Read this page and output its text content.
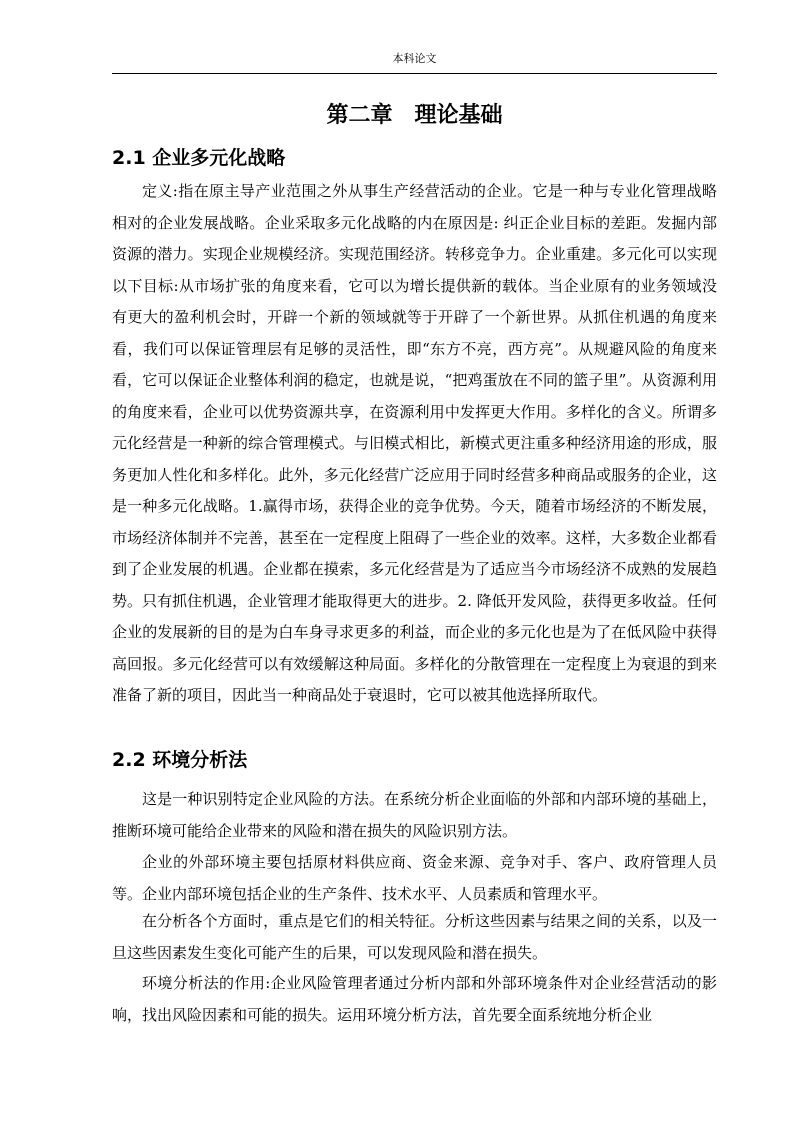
本科论文
第二章　理论基础
2.1 企业多元化战略

定义:指在原主导产业范围之外从事生产经营活动的企业。它是一种与专业化管理战略相对的企业发展战略。企业采取多元化战略的内在原因是: 纠正企业目标的差距。发掘内部资源的潜力。实现企业规模经济。实现范围经济。转移竞争力。企业重建。多元化可以实现以下目标:从市场扩张的角度来看，它可以为增长提供新的载体。当企业原有的业务领域没有更大的盈利机会时，开辟一个新的领域就等于开辟了一个新世界。从抓住机遇的角度来看，我们可以保证管理层有足够的灵活性，即“东方不亮，西方亮”。从规避风险的角度来看，它可以保证企业整体利润的稳定，也就是说，“把鸡蛋放在不同的篮子里”。从资源利用的角度来看，企业可以优势资源共享，在资源利用中发挥更大作用。多样化的含义。所谓多元化经营是一种新的综合管理模式。与旧模式相比，新模式更注重多种经济用途的形成，服务更加人性化和多样化。此外，多元化经营广泛应用于同时经营多种商品或服务的企业，这是一种多元化战略。1.赢得市场，获得企业的竞争优势。今天，随着市场经济的不断发展，市场经济体制并不完善，甚至在一定程度上阻碍了一些企业的效率。这样，大多数企业都看到了企业发展的机遇。企业都在摸索，多元化经营是为了适应当今市场经济不成熟的发展趋势。只有抓住机遇，企业管理才能取得更大的进步。2. 降低开发风险，获得更多收益。任何企业的发展新的目的是为白车身寻求更多的利益，而企业的多元化也是为了在低风险中获得高回报。多元化经营可以有效缓解这种局面。多样化的分散管理在一定程度上为衰退的到来准备了新的项目，因此当一种商品处于衰退时，它可以被其他选择所取代。

2.2 环境分析法

这是一种识别特定企业风险的方法。在系统分析企业面临的外部和内部环境的基础上，推断环境可能给企业带来的风险和潜在损失的风险识别方法。

企业的外部环境主要包括原材料供应商、资金来源、竞争对手、客户、政府管理人员等。企业内部环境包括企业的生产条件、技术水平、人员素质和管理水平。

在分析各个方面时，重点是它们的相关特征。分析这些因素与结果之间的关系，以及一旦这些因素发生变化可能产生的后果，可以发现风险和潜在损失。

环境分析法的作用:企业风险管理者通过分析内部和外部环境条件对企业经营活动的影响，找出风险因素和可能的损失。运用环境分析方法，首先要全面系统地分析企业
